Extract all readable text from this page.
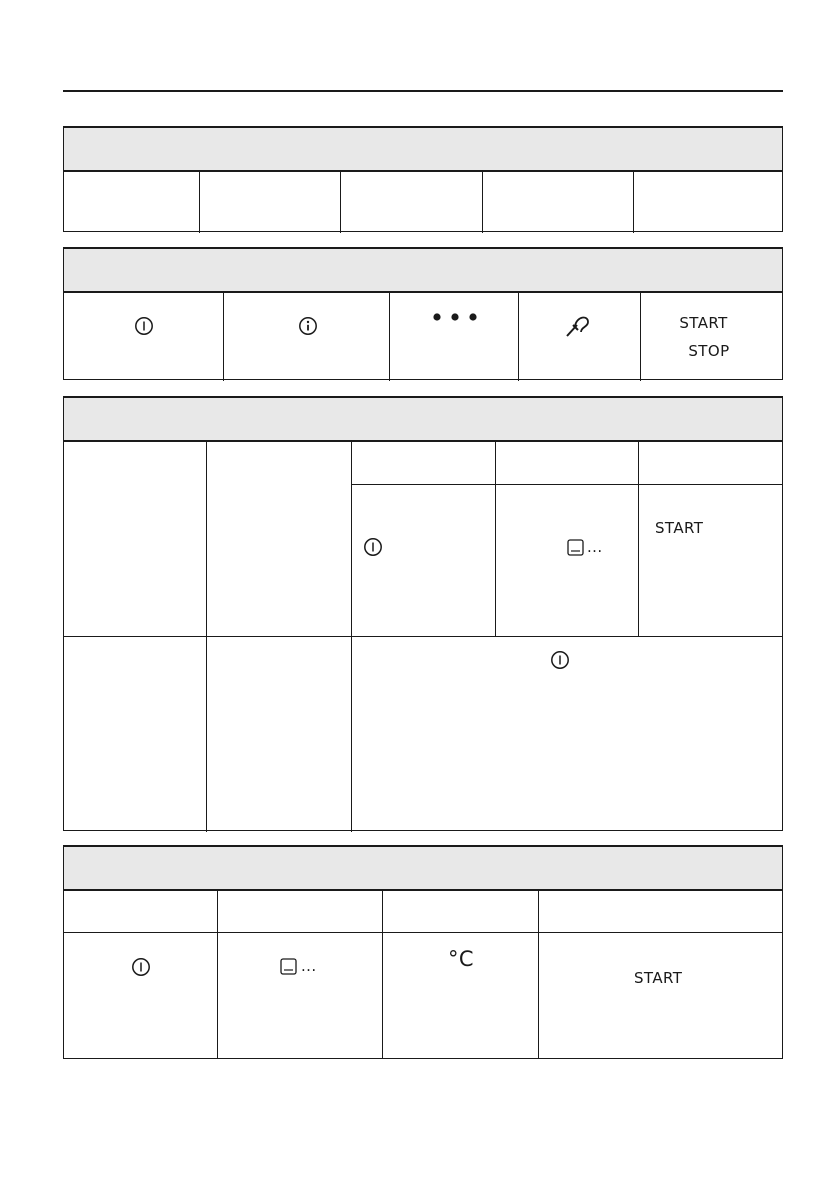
START
STOP
...
START
...	°C
START
